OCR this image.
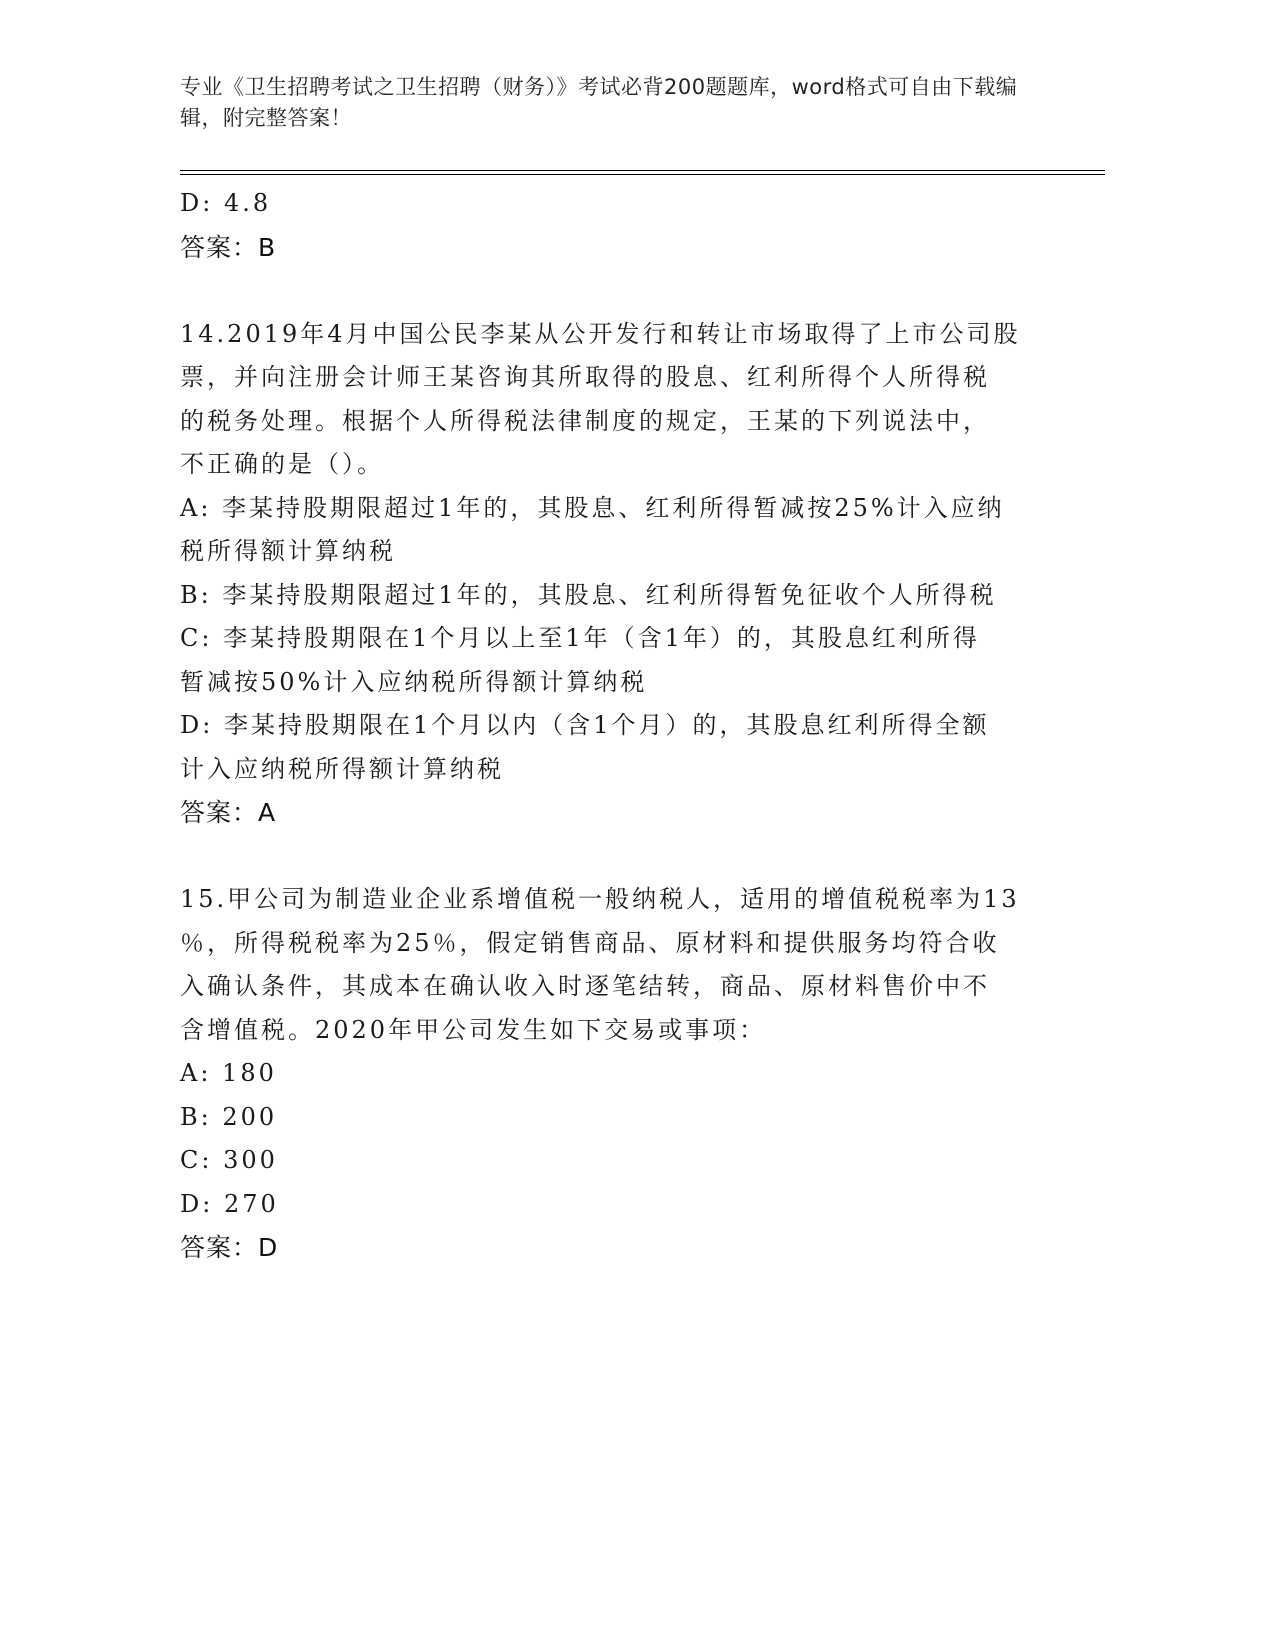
专业《卫生招聘考试之卫生招聘（财务）》考试必背200题题库，word格式可自由下载编辑，附完整答案！
D: 4.8
答案：B
14.2019年4月中国公民李某从公开发行和转让市场取得了上市公司股
票，并向注册会计师王某咨询其所取得的股息、红利所得个人所得税
的税务处理。根据个人所得税法律制度的规定，王某的下列说法中，
不正确的是（）。
A: 李某持股期限超过1年的，其股息、红利所得暂减按25%计入应纳
税所得额计算纳税
B: 李某持股期限超过1年的，其股息、红利所得暂免征收个人所得税
C: 李某持股期限在1个月以上至1年（含1年）的，其股息红利所得
暂减按50%计入应纳税所得额计算纳税
D: 李某持股期限在1个月以内（含1个月）的，其股息红利所得全额
计入应纳税所得额计算纳税
答案：A
15.甲公司为制造业企业系增值税一般纳税人，适用的增值税税率为13
％，所得税税率为25％，假定销售商品、原材料和提供服务均符合收
入确认条件，其成本在确认收入时逐笔结转，商品、原材料售价中不
含增值税。2020年甲公司发生如下交易或事项：
A: 180
B: 200
C: 300
D: 270
答案：D
